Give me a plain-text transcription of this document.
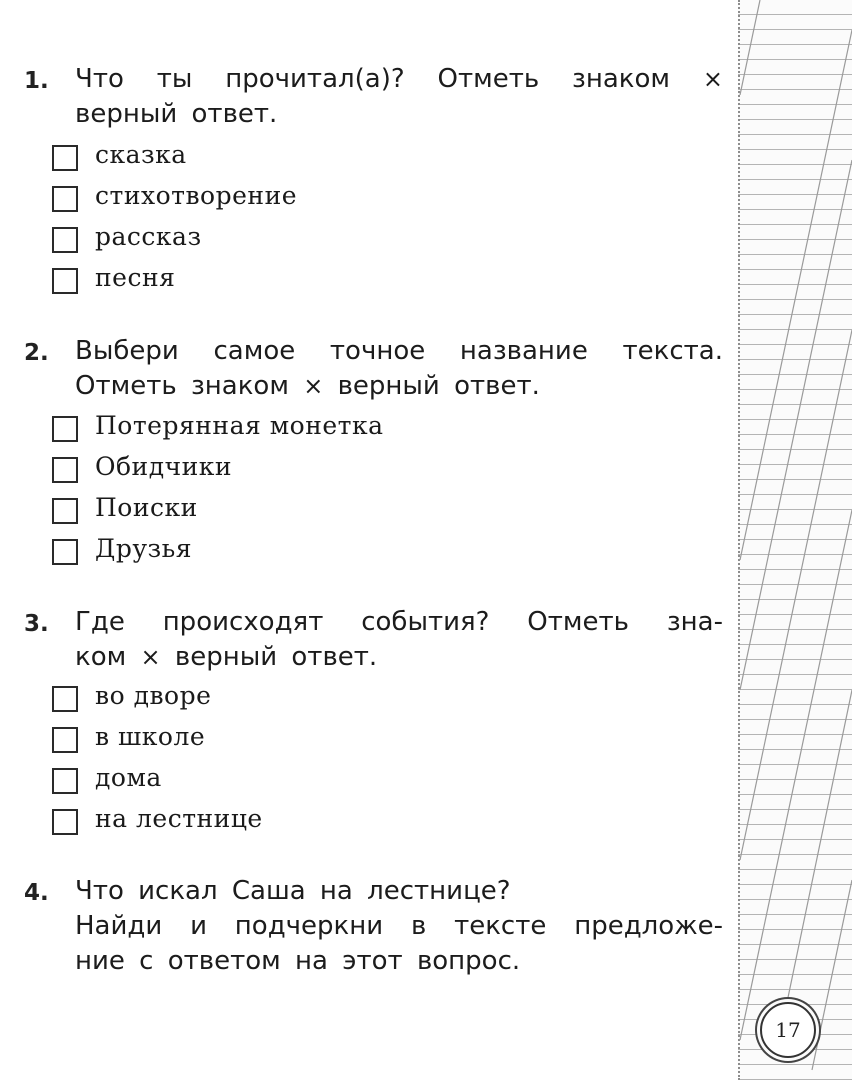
1. Что ты прочитал(а)? Отметь знаком ×
верный ответ.
сказка
стихотворение
рассказ
песня
2. Выбери самое точное название текста.
Отметь знаком × верный ответ.
Потерянная монетка
Обидчики
Поиски
Друзья
3. Где происходят события? Отметь зна-
ком × верный ответ.
во дворе
в школе
дома
на лестнице
4. Что искал Саша на лестнице?
Найди и подчеркни в тексте предложе-
ние с ответом на этот вопрос.
17
